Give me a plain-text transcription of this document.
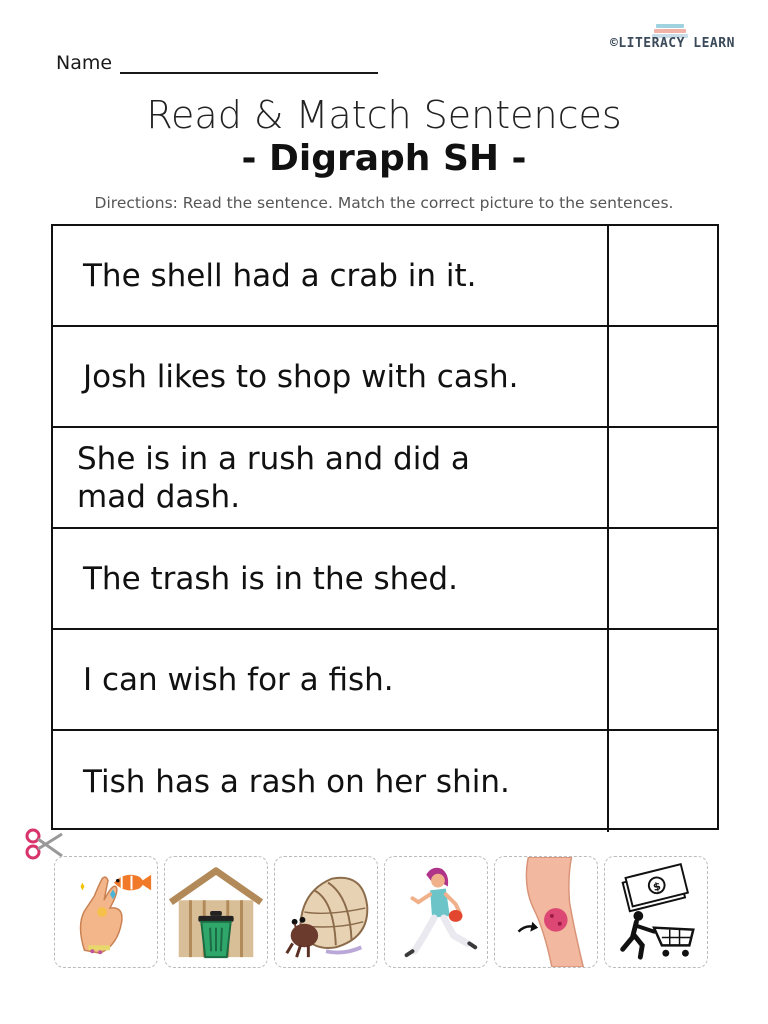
©LITERACY LEARN
Name
Read & Match Sentences
- Digraph SH -
Directions: Read the sentence. Match the correct picture to the sentences.
The shell had a crab in it.
Josh likes to shop with cash.
She is in a rush and did a mad dash.
The trash is in the shed.
I can wish for a fish.
Tish has a rash on her shin.
$
